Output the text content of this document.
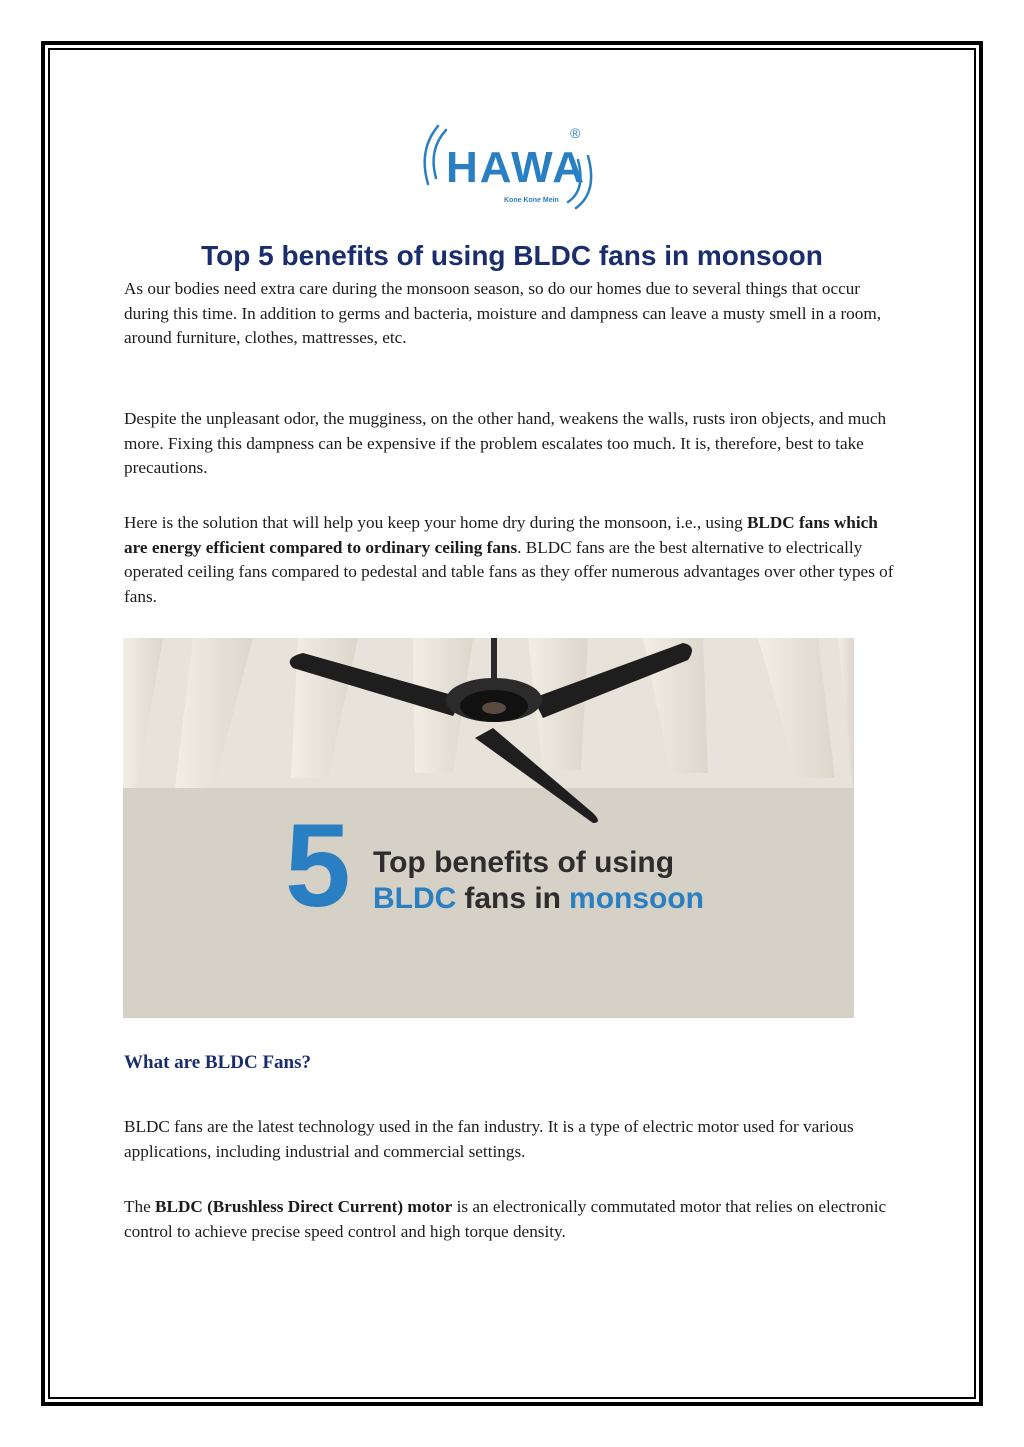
HAWA
®
Kone Kone Mein
Top 5 benefits of using BLDC fans in monsoon

As our bodies need extra care during the monsoon season, so do our homes due to several things that occur during this time. In addition to germs and bacteria, moisture and dampness can leave a musty smell in a room, around furniture, clothes, mattresses, etc.

Despite the unpleasant odor, the mugginess, on the other hand, weakens the walls, rusts iron objects, and much more. Fixing this dampness can be expensive if the problem escalates too much. It is, therefore, best to take precautions.

Here is the solution that will help you keep your home dry during the monsoon, i.e., using BLDC fans which are energy efficient compared to ordinary ceiling fans. BLDC fans are the best alternative to electrically operated ceiling fans compared to pedestal and table fans as they offer numerous advantages over other types of fans.

5 Top benefits of using
BLDC fans in monsoon
What are BLDC Fans?

BLDC fans are the latest technology used in the fan industry. It is a type of electric motor used for various applications, including industrial and commercial settings.

The BLDC (Brushless Direct Current) motor is an electronically commutated motor that relies on electronic control to achieve precise speed control and high torque density.
